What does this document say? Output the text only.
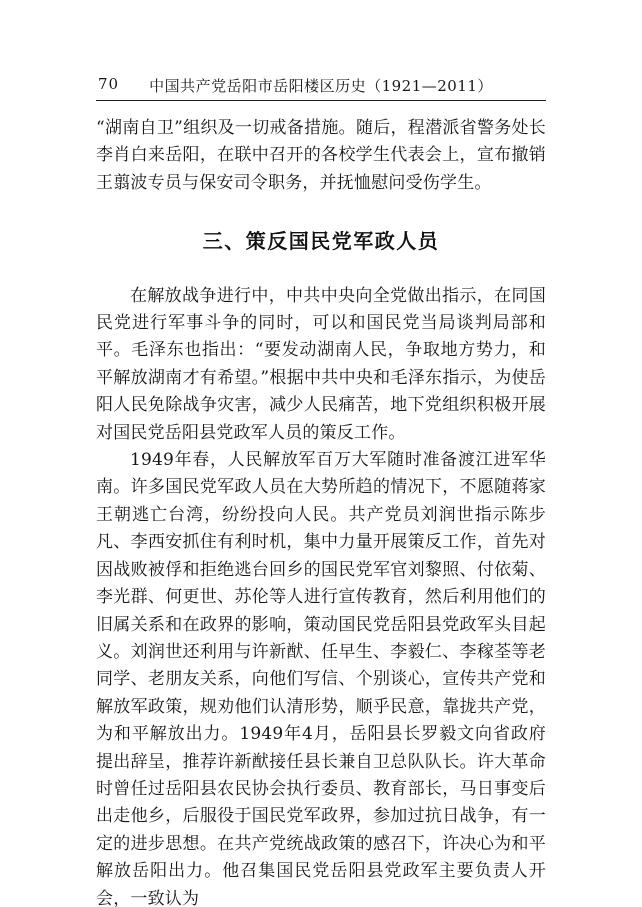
70	中国共产党岳阳市岳阳楼区历史（1921—2011）

“湖南自卫”组织及一切戒备措施。随后，程潜派省警务处长李肖白来岳阳，在联中召开的各校学生代表会上，宣布撤销王翦波专员与保安司令职务，并抚恤慰问受伤学生。

三、策反国民党军政人员

在解放战争进行中，中共中央向全党做出指示，在同国民党进行军事斗争的同时，可以和国民党当局谈判局部和平。毛泽东也指出：“要发动湖南人民，争取地方势力，和平解放湖南才有希望。”根据中共中央和毛泽东指示，为使岳阳人民免除战争灾害，减少人民痛苦，地下党组织积极开展对国民党岳阳县党政军人员的策反工作。

1949年春，人民解放军百万大军随时准备渡江进军华南。许多国民党军政人员在大势所趋的情况下，不愿随蒋家王朝逃亡台湾，纷纷投向人民。共产党员刘润世指示陈步凡、李西安抓住有利时机，集中力量开展策反工作，首先对因战败被俘和拒绝逃台回乡的国民党军官刘黎照、付依菊、李光群、何更世、苏伦等人进行宣传教育，然后利用他们的旧属关系和在政界的影响，策动国民党岳阳县党政军头目起义。刘润世还利用与许新猷、任早生、李毅仁、李稼荃等老同学、老朋友关系，向他们写信、个别谈心，宣传共产党和解放军政策，规劝他们认清形势，顺乎民意，靠拢共产党，为和平解放出力。1949年4月，岳阳县长罗毅文向省政府提出辞呈，推荐许新猷接任县长兼自卫总队队长。许大革命时曾任过岳阳县农民协会执行委员、教育部长，马日事变后出走他乡，后服役于国民党军政界，参加过抗日战争，有一定的进步思想。在共产党统战政策的感召下，许决心为和平解放岳阳出力。他召集国民党岳阳县党政军主要负责人开会，一致认为
